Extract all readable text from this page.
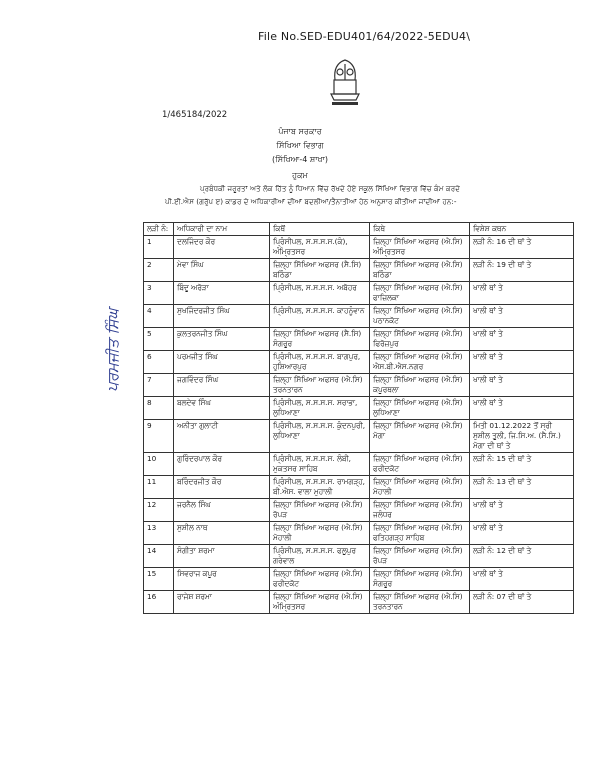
File No.SED-EDU401/64/2022-5EDU4\
1/465184/2022
ਪੰਜਾਬ ਸਰਕਾਰ
ਸਿੱਖਿਆ ਵਿਭਾਗ
(ਸਿੱਖਿਆ-4 ਸ਼ਾਖਾ)
ਹੁਕਮ
ਪ੍ਰਬੰਧਕੀ ਜਰੂਰਤਾਂ ਅਤੇ ਲੋਕ ਹਿੱਤ ਨੂੰ ਧਿਆਨ ਵਿੱਚ ਰੱਖਦੇ ਹੋਏ ਸਕੂਲ ਸਿੱਖਿਆ ਵਿਭਾਗ ਵਿੱਚ ਕੰਮ ਕਰਦੇ
ਪੀ.ਈ.ਐਸ (ਗਰੁੱਪ ੲ) ਕਾਡਰ ਦੇ ਅਧਿਕਾਰੀਆਂ ਦੀਆਂ ਬਦਲੀਆਂ/ਤੈਨਾਤੀਆਂ ਹੇਠ ਅਨੁਸਾਰ ਕੀਤੀਆਂ ਜਾਂਦੀਆਂ ਹਨ:-
ਪਰਮਜੀਤ ਸਿੰਘ
ਲੜੀ ਨੰ:	ਅਧਿਕਾਰੀ ਦਾ ਨਾਮ	ਕਿਥੋਂ	ਕਿਥੇ	ਵਿਸ਼ੇਸ਼ ਕਥਨ
1	ਦਲਜਿੰਦਰ ਕੌਰ	ਪ੍ਰਿੰਸੀਪਲ, ਸ.ਸ.ਸ.ਸ.(ਕੰ), ਅੰਮ੍ਰਿਤਸਰ	ਜ਼ਿਲ੍ਹਾ ਸਿੱਖਿਆ ਅਫਸਰ (ਐ.ਸਿ) ਅੰਮ੍ਰਿਤਸਰ	ਲੜੀ ਨੰ: 16 ਦੀ ਥਾਂ ਤੇ
2	ਮੇਵਾ ਸਿੰਘ	ਜ਼ਿਲ੍ਹਾ ਸਿੱਖਿਆ ਅਫਸਰ (ਸੈ.ਸਿ) ਬਠਿੰਡਾ	ਜ਼ਿਲ੍ਹਾ ਸਿੱਖਿਆ ਅਫਸਰ (ਐ.ਸਿ) ਬਠਿੰਡਾ	ਲੜੀ ਨੰ: 19 ਦੀ ਥਾਂ ਤੇ
3	ਬਿੰਦੂ ਅਰੋੜਾ	ਪ੍ਰਿੰਸੀਪਲ, ਸ.ਸ.ਸ.ਸ. ਅਬੋਹਰ	ਜ਼ਿਲ੍ਹਾ ਸਿੱਖਿਆ ਅਫਸਰ (ਐ.ਸਿ) ਫਾਜ਼ਿਲਕਾ	ਖਾਲੀ ਥਾਂ ਤੇ
4	ਸੁਖਜਿੰਦਰਜੀਤ ਸਿੰਘ	ਪ੍ਰਿੰਸੀਪਲ, ਸ.ਸ.ਸ.ਸ. ਕਾਹਨੂੰਵਾਨ	ਜ਼ਿਲ੍ਹਾ ਸਿੱਖਿਆ ਅਫਸਰ (ਐ.ਸਿ) ਪਠਾਨਕੋਟ	ਖਾਲੀ ਥਾਂ ਤੇ
5	ਕੁਲਤਰਨਜੀਤ ਸਿੰਘ	ਜ਼ਿਲ੍ਹਾ ਸਿੱਖਿਆ ਅਫਸਰ (ਸੈ.ਸਿ) ਸੰਗਰੂਰ	ਜ਼ਿਲ੍ਹਾ ਸਿੱਖਿਆ ਅਫਸਰ (ਐ.ਸਿ) ਫਿਰੋਜ਼ਪੁਰ	ਖਾਲੀ ਥਾਂ ਤੇ
6	ਪਰਮਜੀਤ ਸਿੰਘ	ਪ੍ਰਿੰਸੀਪਲ, ਸ.ਸ.ਸ.ਸ. ਬਾਗਪੁਰ, ਹੁਸ਼ਿਆਰਪੁਰ	ਜ਼ਿਲ੍ਹਾ ਸਿੱਖਿਆ ਅਫਸਰ (ਐ.ਸਿ) ਐਸ.ਬੀ.ਐਸ.ਨਗਰ	ਖਾਲੀ ਥਾਂ ਤੇ
7	ਜਗਵਿੰਦਰ ਸਿੰਘ	ਜ਼ਿਲ੍ਹਾ ਸਿੱਖਿਆ ਅਫਸਰ (ਐ.ਸਿ) ਤਰਨਤਾਰਨ	ਜ਼ਿਲ੍ਹਾ ਸਿੱਖਿਆ ਅਫਸਰ (ਐ.ਸਿ) ਕਪੂਰਥਲਾ	ਖਾਲੀ ਥਾਂ ਤੇ
8	ਬਲਦੇਵ ਸਿੰਘ	ਪ੍ਰਿੰਸੀਪਲ, ਸ.ਸ.ਸ.ਸ. ਸਰਾਭਾ, ਲੁਧਿਆਣਾ	ਜ਼ਿਲ੍ਹਾ ਸਿੱਖਿਆ ਅਫਸਰ (ਐ.ਸਿ) ਲੁਧਿਆਣਾ	ਖਾਲੀ ਥਾਂ ਤੇ
9	ਅਨੀਤਾ ਗੁਲਾਟੀ	ਪ੍ਰਿੰਸੀਪਲ, ਸ.ਸ.ਸ.ਸ. ਕੁੰਦਨਪੁਰੀ, ਲੁਧਿਆਣਾ	ਜ਼ਿਲ੍ਹਾ ਸਿੱਖਿਆ ਅਫਸਰ (ਐ.ਸਿ) ਮੋਗਾ	ਮਿਤੀ 01.12.2022 ਤੋਂ ਸ੍ਰੀ ਸੁਸ਼ੀਲ ਤੂਲੀ, ਜਿ.ਸਿ.ਅ. (ਸੈ.ਸਿ.) ਮੋਗਾ ਦੀ ਥਾਂ ਤੇ
10	ਗੁਰਿੰਦਰਪਾਲ ਕੌਰ	ਪ੍ਰਿੰਸੀਪਲ, ਸ.ਸ.ਸ.ਸ. ਲੰਬੀ, ਮੁਕਤਸਰ ਸਾਹਿਬ	ਜ਼ਿਲ੍ਹਾ ਸਿੱਖਿਆ ਅਫਸਰ (ਐ.ਸਿ) ਫਰੀਦਕੋਟ	ਲੜੀ ਨੰ: 15 ਦੀ ਥਾਂ ਤੇ
11	ਬਰਿੰਦਰਜੀਤ ਕੌਰ	ਪ੍ਰਿੰਸੀਪਲ, ਸ.ਸ.ਸ.ਸ. ਰਾਮਗੜ੍ਹ, ਬੀ.ਐਸ. ਵਾਲਾ ਮੁਹਾਲੀ	ਜ਼ਿਲ੍ਹਾ ਸਿੱਖਿਆ ਅਫਸਰ (ਐ.ਸਿ) ਮੋਹਾਲੀ	ਲੜੀ ਨੰ: 13 ਦੀ ਥਾਂ ਤੇ
12	ਜਰਨੈਲ ਸਿੰਘ	ਜ਼ਿਲ੍ਹਾ ਸਿੱਖਿਆ ਅਫਸਰ (ਐ.ਸਿ) ਰੋਪੜ	ਜ਼ਿਲ੍ਹਾ ਸਿੱਖਿਆ ਅਫਸਰ (ਐ.ਸਿ) ਜਲੰਧਰ	ਖਾਲੀ ਥਾਂ ਤੇ
13	ਸੁਸ਼ੀਲ ਨਾਥ	ਜ਼ਿਲ੍ਹਾ ਸਿੱਖਿਆ ਅਫਸਰ (ਐ.ਸਿ) ਮੋਹਾਲੀ	ਜ਼ਿਲ੍ਹਾ ਸਿੱਖਿਆ ਅਫਸਰ (ਐ.ਸਿ) ਫਤਿਹਗੜ੍ਹ ਸਾਹਿਬ	ਖਾਲੀ ਥਾਂ ਤੇ
14	ਸੰਗੀਤਾ ਸ਼ਰਮਾ	ਪ੍ਰਿੰਸੀਪਲ, ਸ.ਸ.ਸ.ਸ. ਫਲੂਪੁਰ ਗਰੇਵਾਲ	ਜ਼ਿਲ੍ਹਾ ਸਿੱਖਿਆ ਅਫਸਰ (ਐ.ਸਿ) ਰੋਪੜ	ਲੜੀ ਨੰ: 12 ਦੀ ਥਾਂ ਤੇ
15	ਸਿਵਰਾਜ ਕਪੂਰ	ਜ਼ਿਲ੍ਹਾ ਸਿੱਖਿਆ ਅਫਸਰ (ਐ.ਸਿ) ਫਰੀਦਕੋਟ	ਜ਼ਿਲ੍ਹਾ ਸਿੱਖਿਆ ਅਫਸਰ (ਐ.ਸਿ) ਸੰਗਰੂਰ	ਖਾਲੀ ਥਾਂ ਤੇ
16	ਰਾਜੇਸ਼ ਸ਼ਰਮਾ	ਜ਼ਿਲ੍ਹਾ ਸਿੱਖਿਆ ਅਫਸਰ (ਐ.ਸਿ) ਅੰਮ੍ਰਿਤਸਰ	ਜ਼ਿਲ੍ਹਾ ਸਿੱਖਿਆ ਅਫਸਰ (ਐ.ਸਿ) ਤਰਨਤਾਰਨ	ਲੜੀ ਨੰ: 07 ਦੀ ਥਾਂ ਤੇ
